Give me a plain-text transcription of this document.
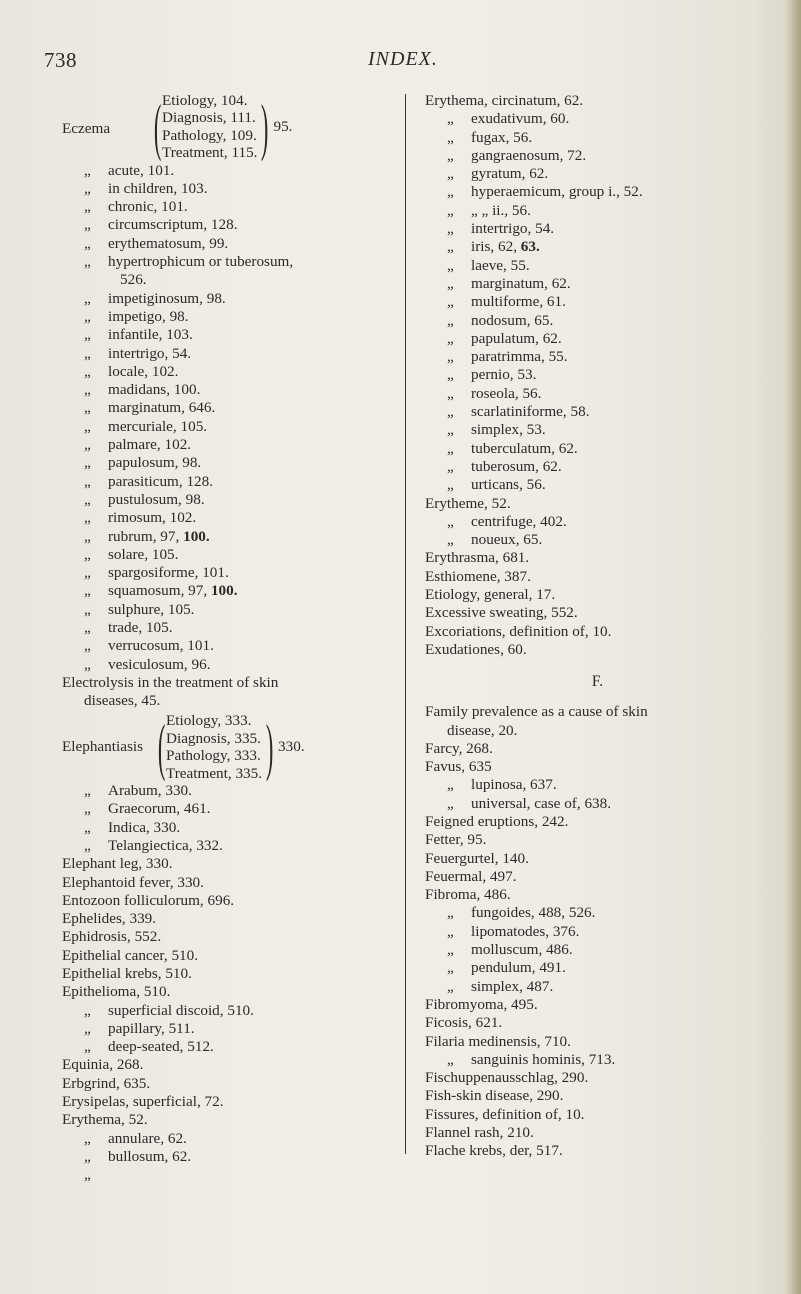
738	INDEX.
Eczema ( Etiology, 104.
Diagnosis, 111.
Pathology, 109.
Treatment, 115. ) 95.
„ acute, 101.
„ in children, 103.
„ chronic, 101.
„ circumscriptum, 128.
„ erythematosum, 99.
„ hypertrophicum or tuberosum,
526.
„ impetiginosum, 98.
„ impetigo, 98.
„ infantile, 103.
„ intertrigo, 54.
„ locale, 102.
„ madidans, 100.
„ marginatum, 646.
„ mercuriale, 105.
„ palmare, 102.
„ papulosum, 98.
„ parasiticum, 128.
„ pustulosum, 98.
„ rimosum, 102.
„ rubrum, 97, 100.
„ solare, 105.
„ spargosiforme, 101.
„ squamosum, 97, 100.
„ sulphure, 105.
„ trade, 105.
„ verrucosum, 101.
„ vesiculosum, 96.
Electrolysis in the treatment of skin
diseases, 45.
Elephantiasis ( Etiology, 333.
Diagnosis, 335.
Pathology, 333.
Treatment, 335. ) 330.
„ Arabum, 330.
„ Graecorum, 461.
„ Indica, 330.
„ Telangiectica, 332.
Elephant leg, 330.
Elephantoid fever, 330.
Entozoon folliculorum, 696.
Ephelides, 339.
Ephidrosis, 552.
Epithelial cancer, 510.
Epithelial krebs, 510.
Epithelioma, 510.
„ superficial discoid, 510.
„ papillary, 511.
„ deep-seated, 512.
Equinia, 268.
Erbgrind, 635.
Erysipelas, superficial, 72.
Erythema, 52.
„ annulare, 62.
„ bullosum, 62.
„
Erythema, circinatum, 62.
„ exudativum, 60.
„ fugax, 56.
„ gangraenosum, 72.
„ gyratum, 62.
„ hyperaemicum, group i., 52.
„ „ „ ii., 56.
„ intertrigo, 54.
„ iris, 62, 63.
„ laeve, 55.
„ marginatum, 62.
„ multiforme, 61.
„ nodosum, 65.
„ papulatum, 62.
„ paratrimma, 55.
„ pernio, 53.
„ roseola, 56.
„ scarlatiniforme, 58.
„ simplex, 53.
„ tuberculatum, 62.
„ tuberosum, 62.
„ urticans, 56.
Erytheme, 52.
„ centrifuge, 402.
„ noueux, 65.
Erythrasma, 681.
Esthiomene, 387.
Etiology, general, 17.
Excessive sweating, 552.
Excoriations, definition of, 10.
Exudationes, 60.
F.
Family prevalence as a cause of skin
disease, 20.
Farcy, 268.
Favus, 635
„ lupinosa, 637.
„ universal, case of, 638.
Feigned eruptions, 242.
Fetter, 95.
Feuergurtel, 140.
Feuermal, 497.
Fibroma, 486.
„ fungoides, 488, 526.
„ lipomatodes, 376.
„ molluscum, 486.
„ pendulum, 491.
„ simplex, 487.
Fibromyoma, 495.
Ficosis, 621.
Filaria medinensis, 710.
„ sanguinis hominis, 713.
Fischuppenausschlag, 290.
Fish-skin disease, 290.
Fissures, definition of, 10.
Flannel rash, 210.
Flache krebs, der, 517.
